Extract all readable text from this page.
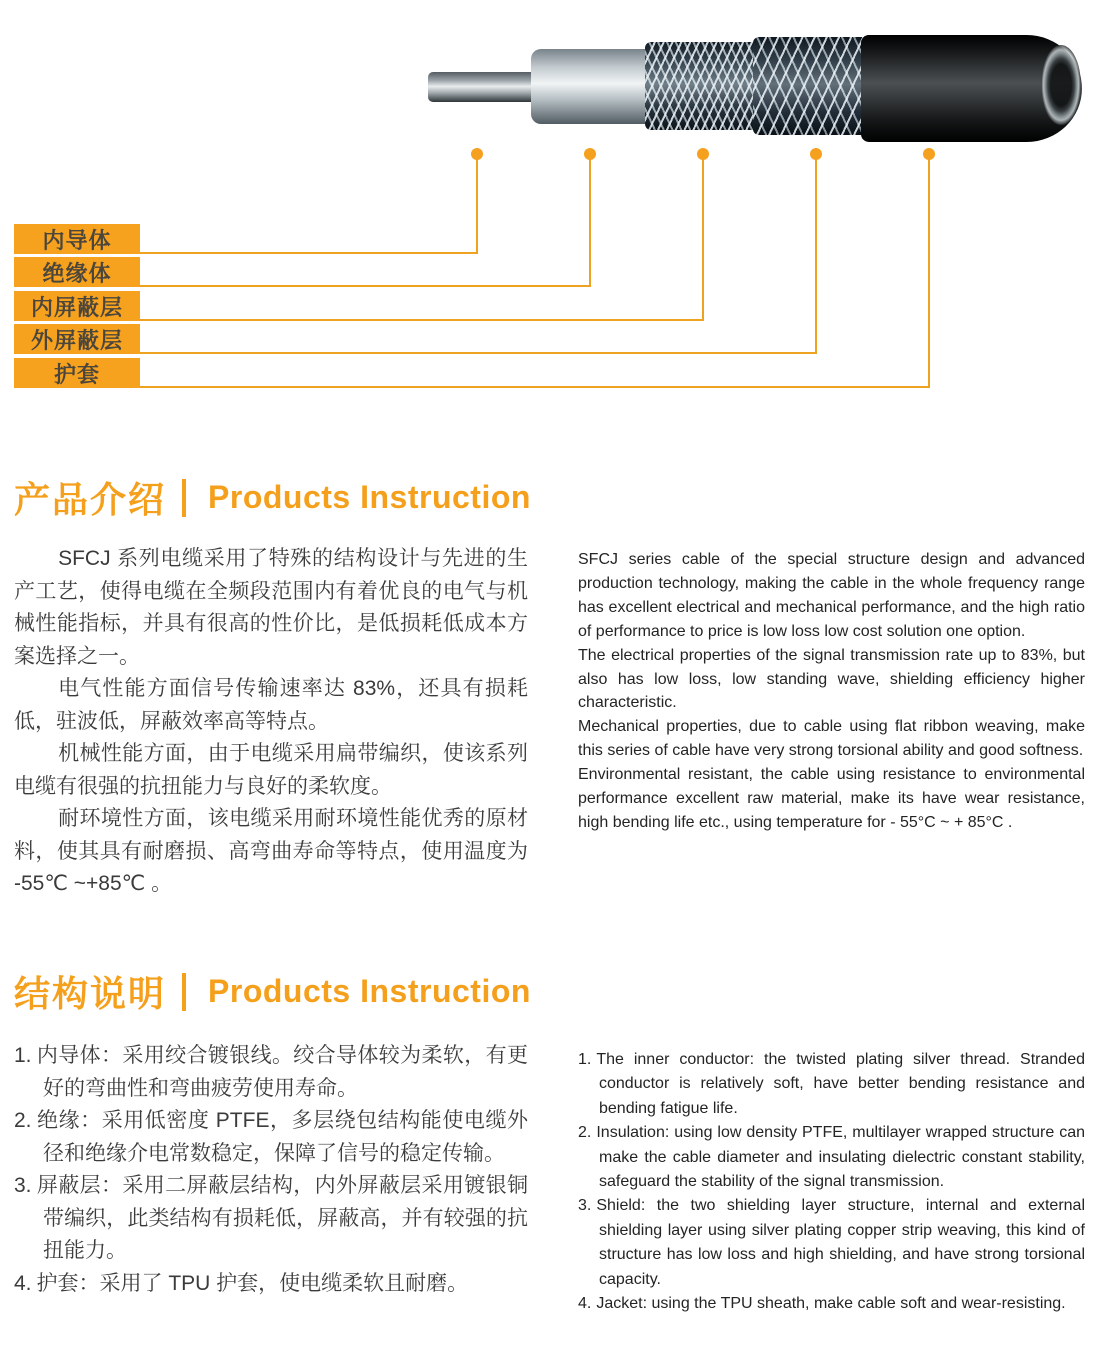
内导体
绝缘体
内屏蔽层
外屏蔽层
护套
产品介绍 Products Instruction

SFCJ 系列电缆采用了特殊的结构设计与先进的生产工艺，使得电缆在全频段范围内有着优良的电气与机械性能指标，并具有很高的性价比，是低损耗低成本方案选择之一。

电气性能方面信号传输速率达 83%，还具有损耗低，驻波低，屏蔽效率高等特点。

机械性能方面，由于电缆采用扁带编织，使该系列电缆有很强的抗扭能力与良好的柔软度。

耐环境性方面，该电缆采用耐环境性能优秀的原材料，使其具有耐磨损、高弯曲寿命等特点，使用温度为 -55℃ ~+85℃ 。

SFCJ series cable of the special structure design and advanced production technology, making the cable in the whole frequency range has excellent electrical and mechanical performance, and the high ratio of performance to price is low loss low cost solution one option.

The electrical properties of the signal transmission rate up to 83%, but also has low loss, low standing wave, shielding efficiency higher characteristic.

Mechanical properties, due to cable using flat ribbon weaving, make this series of cable have very strong torsional ability and good softness.

Environmental resistant, the cable using resistance to environmental performance excellent raw material, make its have wear resistance, high bending life etc., using temperature for - 55°C ~ + 85°C .

结构说明 Products Instruction

1. 内导体：采用绞合镀银线。绞合导体较为柔软，有更好的弯曲性和弯曲疲劳使用寿命。

2. 绝缘：采用低密度 PTFE，多层绕包结构能使电缆外径和绝缘介电常数稳定，保障了信号的稳定传输。

3. 屏蔽层：采用二屏蔽层结构，内外屏蔽层采用镀银铜带编织，此类结构有损耗低，屏蔽高，并有较强的抗扭能力。

4. 护套：采用了 TPU 护套，使电缆柔软且耐磨。

1. The inner conductor: the twisted plating silver thread. Stranded conductor is relatively soft, have better bending resistance and bending fatigue life.

2. Insulation: using low density PTFE, multilayer wrapped structure can make the cable diameter and insulating dielectric constant stability, safeguard the stability of the signal transmission.

3. Shield: the two shielding layer structure, internal and external shielding layer using silver plating copper strip weaving, this kind of structure has low loss and high shielding, and have strong torsional capacity.

4. Jacket: using the TPU sheath, make cable soft and wear-resisting.
